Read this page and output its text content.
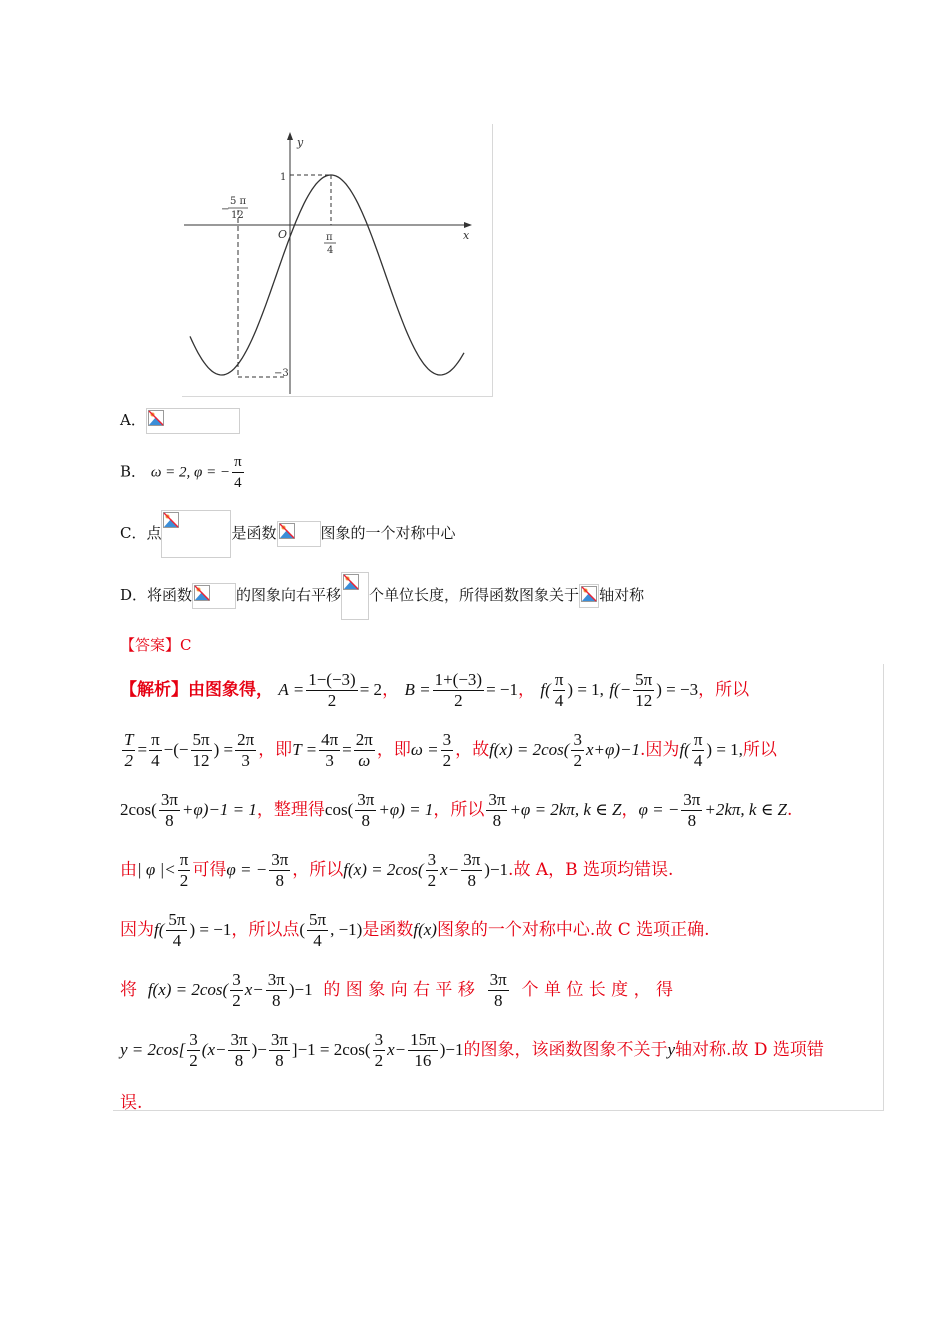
y
x
O
1
−3
π
4
−
5 π
12
A．
B． ω = 2, φ = − $\frac{\pi}{4}$
C．点	是函数	图象的一个对称中心
D．将函数	的图象向右平移 个单位长度，所得函数图象关于 轴对称
【答案】C
【解析】由图象得， $A = \frac{1-(-3)}{2} = 2$， $B = \frac{1+(-3)}{2} = -1$， $f( \frac{\pi}{4}$ ) = 1, $f(- \frac{5\pi}{12}$ ) = −3，所以
$\frac{T}{2} = \frac{\pi}{4}$ −(− $\frac{5\pi}{12}$ ) = $\frac{2\pi}{3}$ ，即$T = \frac{4\pi}{3} = \frac{2\pi}{\omega}$ ，即$\omega = \frac{3}{2}$ ，故$f(x) = 2\cos( \frac{3}{2} x+\varphi)-1$.因为$f( \frac{\pi}{4}$ ) = 1,所以
$2\cos( \frac{3\pi}{8} +\varphi)-1 = 1$，整理得$\cos( \frac{3\pi}{8} +\varphi) = 1$，所以 $\frac{3\pi}{8} +\varphi = 2k\pi$, k ∈ Z，φ = − $\frac{3\pi}{8} +2k\pi$, k ∈ Z.
由| φ |< $\frac{\pi}{2}$ 可得φ = − $\frac{3\pi}{8}$ ，所以$f(x) = 2\cos( \frac{3}{2} x- \frac{3\pi}{8} )-1$.故 A，B 选项均错误.
因为$f( \frac{5\pi}{4}$ ) = −1，所以点( $\frac{5\pi}{4}$ , −1)是函数f(x)图象的一个对称中心.故 C 选项正确.
将 $f(x) = 2\cos( \frac{3}{2} x- \frac{3\pi}{8} )-1$ 的 图 象 向 右 平 移 $\frac{3\pi}{8}$ 个 单 位 长 度 ， 得
$y = 2\cos[ \frac{3}{2} (x- \frac{3\pi}{8}$ )− $\frac{3\pi}{8} ]-1 = 2\cos( \frac{3}{2} x- \frac{15\pi}{16} )-1$的图象，该函数图象不关于y轴对称.故 D 选项错
误.
